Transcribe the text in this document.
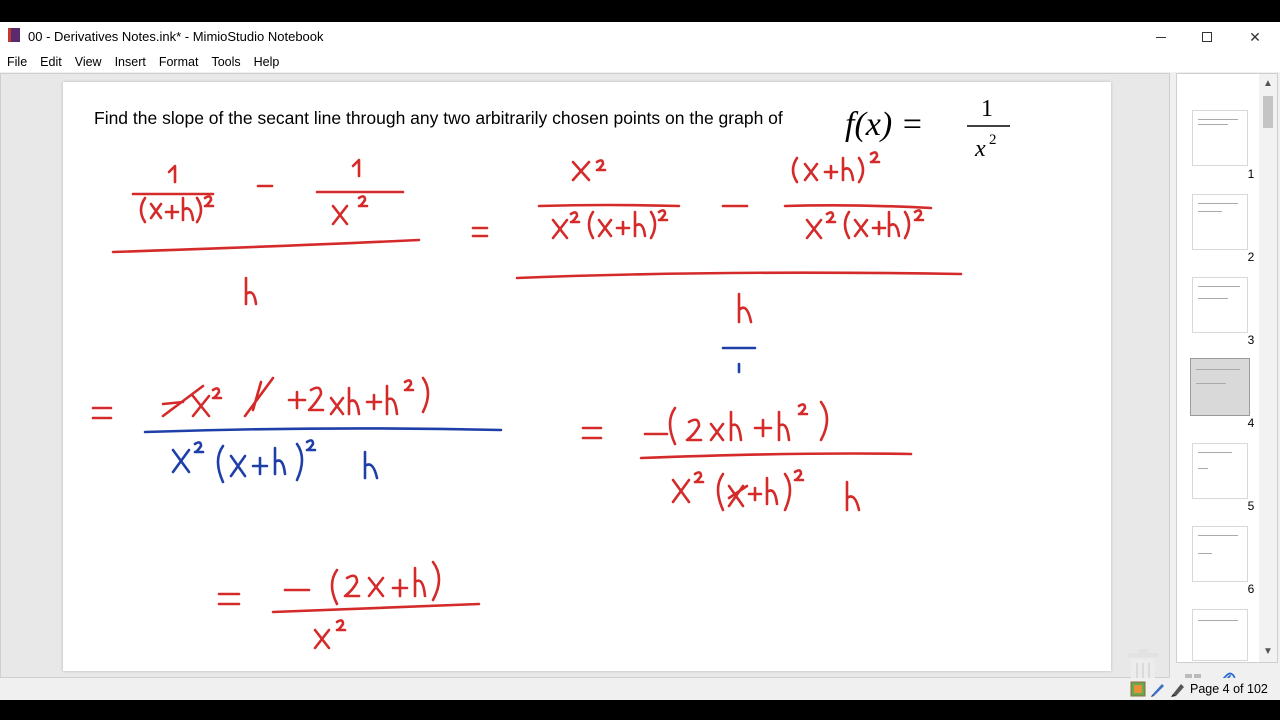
00 - Derivatives Notes.ink* - MimioStudio Notebook	✕
File	Edit	View	Insert	Format	Tools	Help
Find the slope of the secant line through any two arbitrarily chosen points on the graph of f(x) = 1
x 2
1
2
3
4
5
6
▲
▼
Page 4 of 102
